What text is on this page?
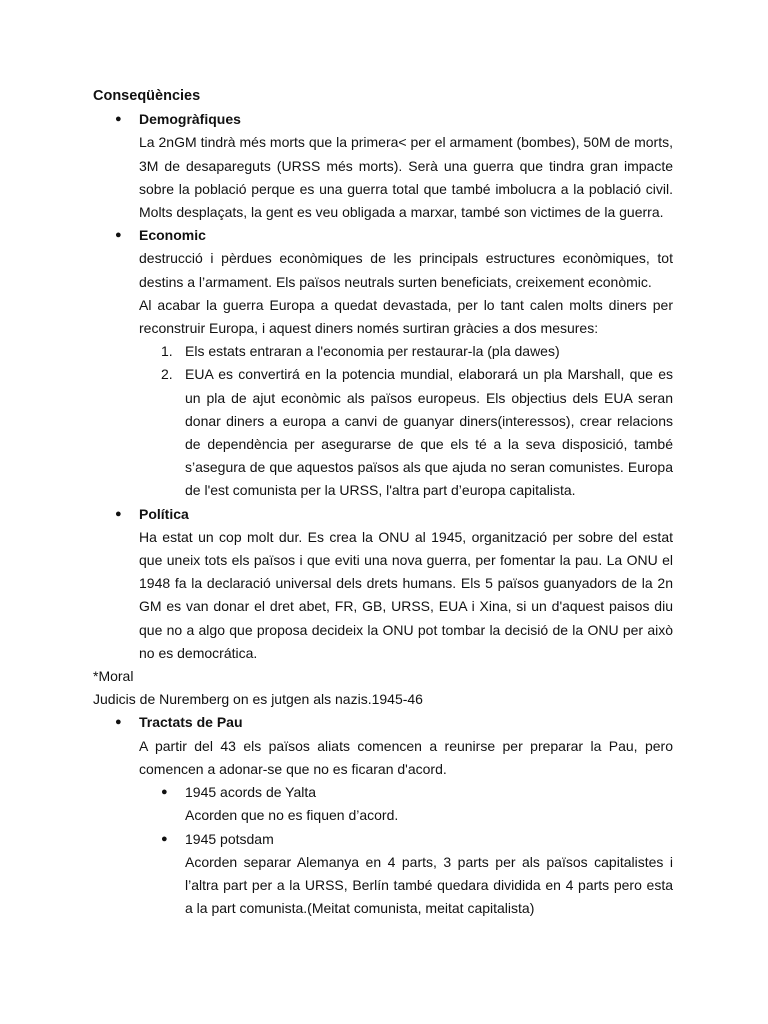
Conseqüències
● Demogràfiques

La 2nGM tindrà més morts que la primera< per el armament (bombes), 50M de morts, 3M de desapareguts (URSS més morts). Serà una guerra que tindra gran impacte sobre la població perque es una guerra total que també imbolucra a la població civil. Molts desplaçats, la gent es veu obligada a marxar, també son victimes de la guerra.

● Economic

destrucció i pèrdues econòmiques de les principals estructures econòmiques, tot destins a l’armament. Els països neutrals surten beneficiats, creixement econòmic.

Al acabar la guerra Europa a quedat devastada, per lo tant calen molts diners per reconstruir Europa, i aquest diners només surtiran gràcies a dos mesures:

1. Els estats entraran a l'economia per restaurar-la (pla dawes)

2. EUA es convertirá en la potencia mundial, elaborará un pla Marshall, que es un pla de ajut econòmic als països europeus. Els objectius dels EUA seran donar diners a europa a canvi de guanyar diners(interessos), crear relacions de dependència per asegurarse de que els té a la seva disposició, també s’asegura de que aquestos països als que ajuda no seran comunistes. Europa de l'est comunista per la URSS, l'altra part d’europa capitalista.

● Política

Ha estat un cop molt dur. Es crea la ONU al 1945, organització per sobre del estat que uneix tots els països i que eviti una nova guerra, per fomentar la pau. La ONU el 1948 fa la declaració universal dels drets humans. Els 5 països guanyadors de la 2n GM es van donar el dret abet, FR, GB, URSS, EUA i Xina, si un d'aquest paisos diu que no a algo que proposa decideix la ONU pot tombar la decisió de la ONU per això no es democrática.

*Moral

Judicis de Nuremberg on es jutgen als nazis.1945-46

● Tractats de Pau

A partir del 43 els països aliats comencen a reunirse per preparar la Pau, pero comencen a adonar-se que no es ficaran d'acord.

● 1945 acords de Yalta

Acorden que no es fiquen d’acord.

● 1945 potsdam

Acorden separar Alemanya en 4 parts, 3 parts per als països capitalistes i l’altra part per a la URSS, Berlín també quedara dividida en 4 parts pero esta a la part comunista.(Meitat comunista, meitat capitalista)
